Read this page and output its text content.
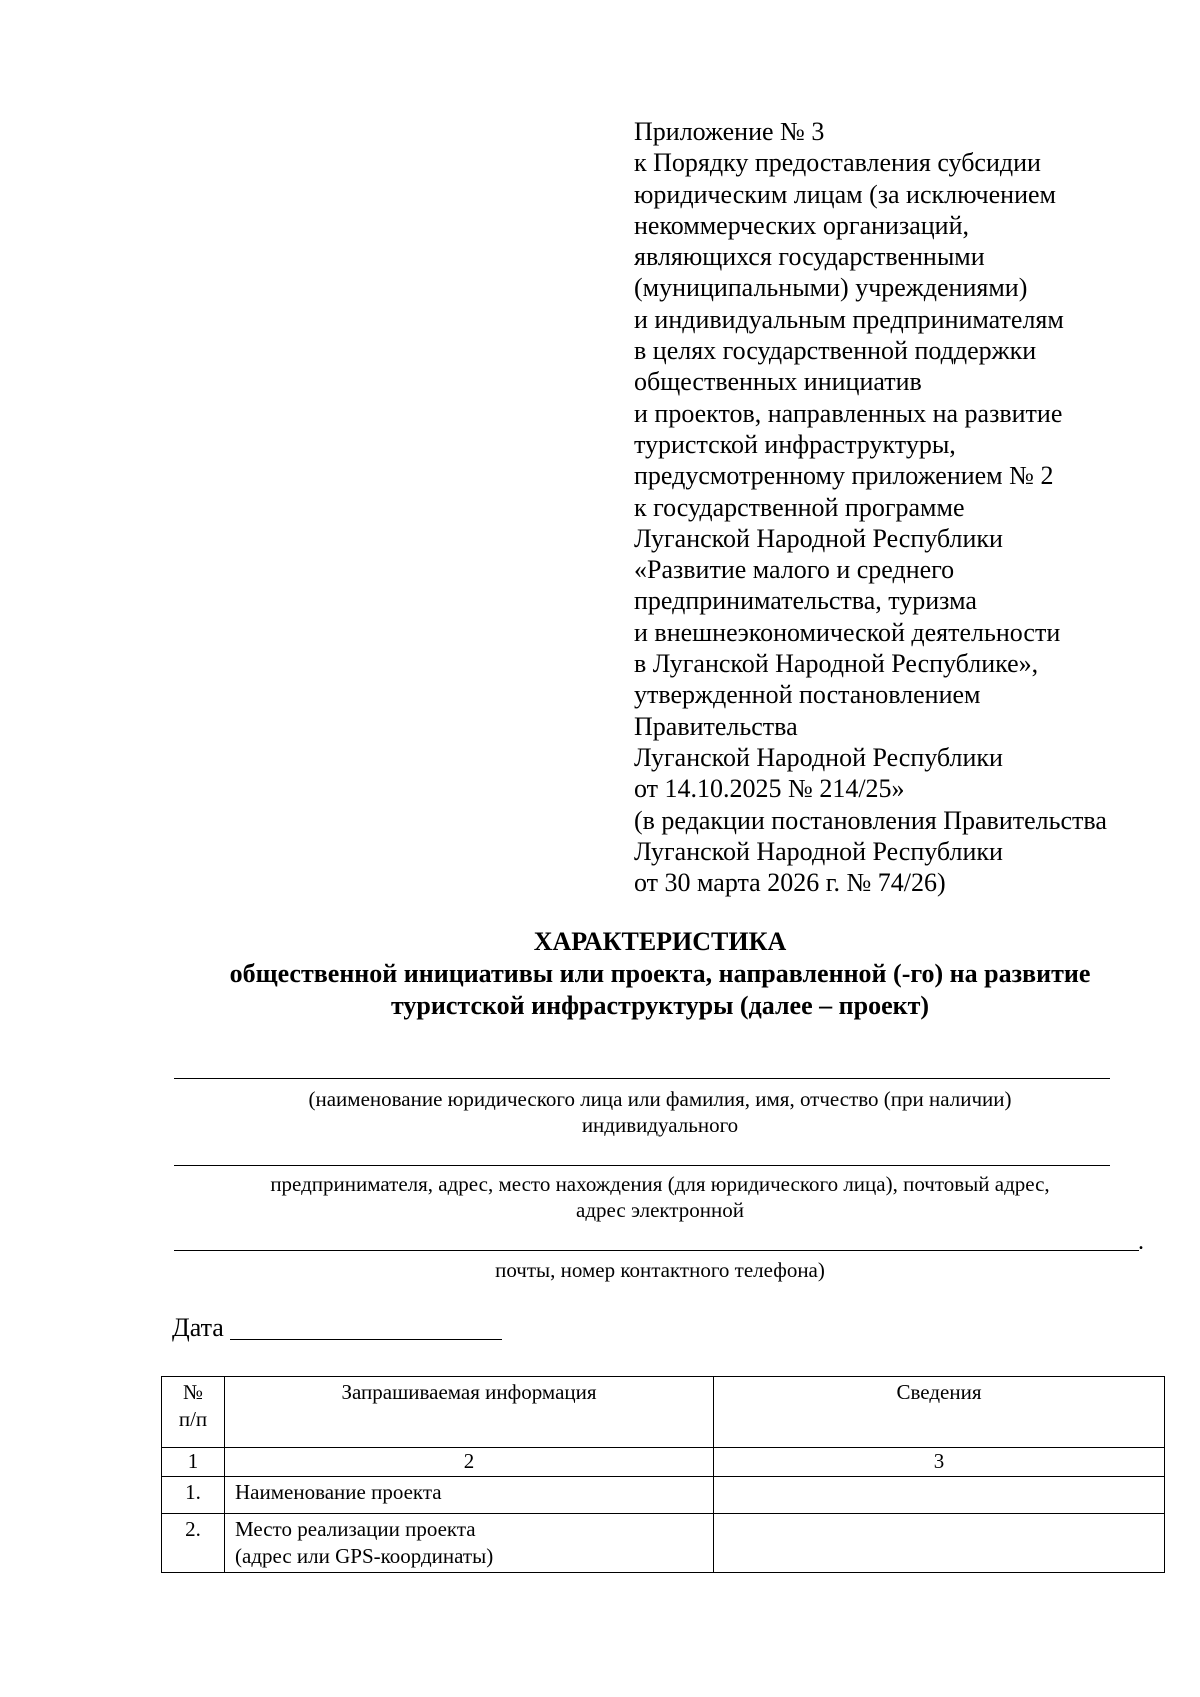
Приложение № 3
к Порядку предоставления субсидии
юридическим лицам (за исключением
некоммерческих организаций,
являющихся государственными
(муниципальными) учреждениями)
и индивидуальным предпринимателям
в целях государственной поддержки
общественных инициатив
и проектов, направленных на развитие
туристской инфраструктуры,
предусмотренному приложением № 2
к государственной программе
Луганской Народной Республики
«Развитие малого и среднего
предпринимательства, туризма
и внешнеэкономической деятельности
в Луганской Народной Республике»,
утвержденной постановлением
Правительства
Луганской Народной Республики
от 14.10.2025 № 214/25»
(в редакции постановления Правительства
Луганской Народной Республики
от 30 марта 2026 г. № 74/26)
ХАРАКТЕРИСТИКА
общественной инициативы или проекта, направленной (-го) на развитие
туристской инфраструктуры (далее – проект)
(наименование юридического лица или фамилия, имя, отчество (при наличии)
индивидуального
предпринимателя, адрес, место нахождения (для юридического лица), почтовый адрес,
адрес электронной
.
почты, номер контактного телефона)
Дата
№
п/п	Запрашиваемая информация	Сведения
1	2	3
1.	Наименование проекта	

2.	Место реализации проекта
(адрес или GPS-координаты)	
